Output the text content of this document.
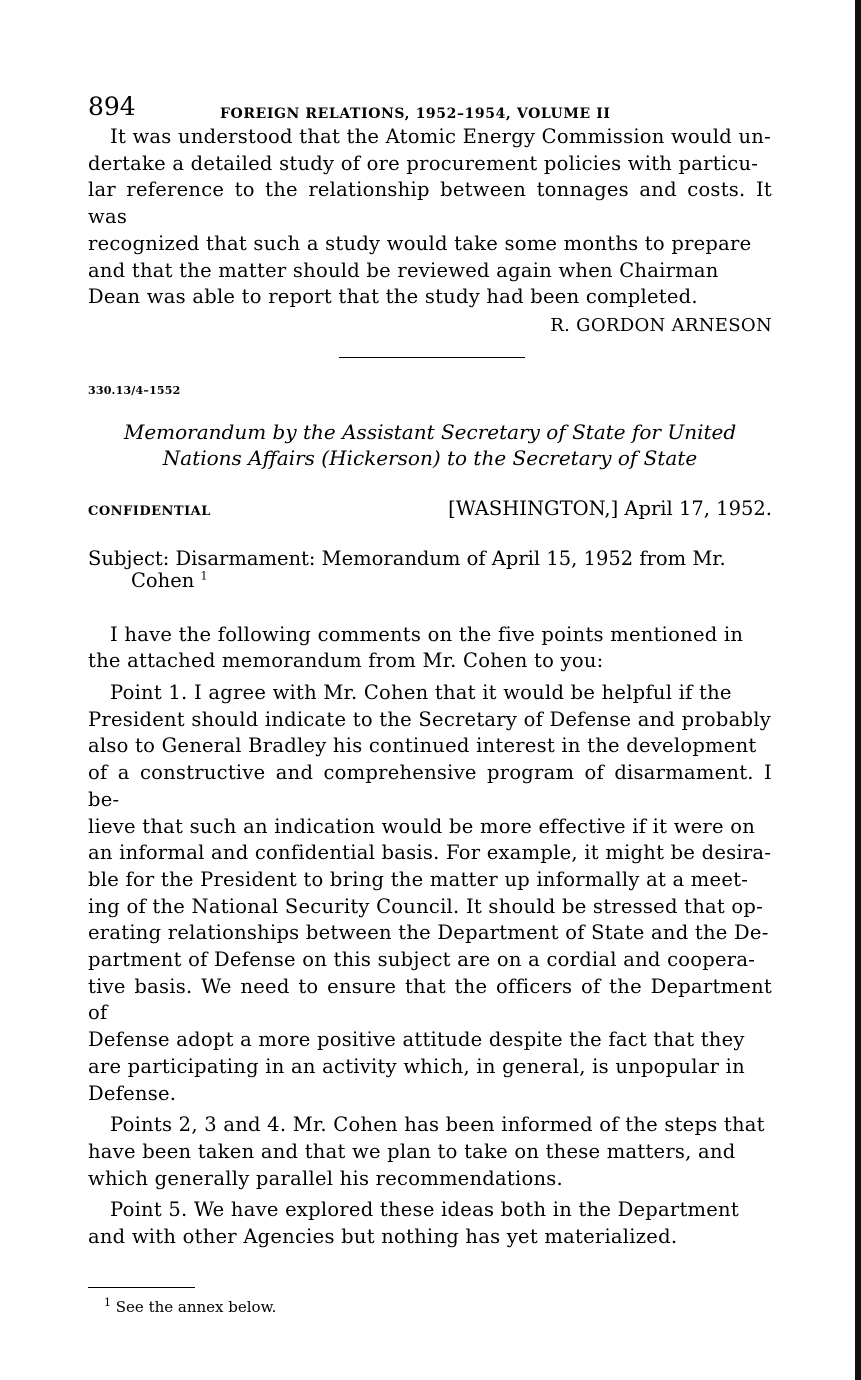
894	FOREIGN RELATIONS, 1952–1954, VOLUME II

It was understood that the Atomic Energy Commission would un-
dertake a detailed study of ore procurement policies with particu-
lar reference to the relationship between tonnages and costs. It was
recognized that such a study would take some months to prepare
and that the matter should be reviewed again when Chairman
Dean was able to report that the study had been completed.

R. GORDON ARNESON
330.13/4–1552
Memorandum by the Assistant Secretary of State for United
Nations Affairs (Hickerson) to the Secretary of State
CONFIDENTIAL	[WASHINGTON,] April 17, 1952.

Subject: Disarmament: Memorandum of April 15, 1952 from Mr.

Cohen $^1$

I have the following comments on the five points mentioned in
the attached memorandum from Mr. Cohen to you:

Point 1. I agree with Mr. Cohen that it would be helpful if the
President should indicate to the Secretary of Defense and probably
also to General Bradley his continued interest in the development
of a constructive and comprehensive program of disarmament. I be-
lieve that such an indication would be more effective if it were on
an informal and confidential basis. For example, it might be desira-
ble for the President to bring the matter up informally at a meet-
ing of the National Security Council. It should be stressed that op-
erating relationships between the Department of State and the De-
partment of Defense on this subject are on a cordial and coopera-
tive basis. We need to ensure that the officers of the Department of
Defense adopt a more positive attitude despite the fact that they
are participating in an activity which, in general, is unpopular in
Defense.

Points 2, 3 and 4. Mr. Cohen has been informed of the steps that
have been taken and that we plan to take on these matters, and
which generally parallel his recommendations.

Point 5. We have explored these ideas both in the Department
and with other Agencies but nothing has yet materialized.

$^1$ See the annex below.
